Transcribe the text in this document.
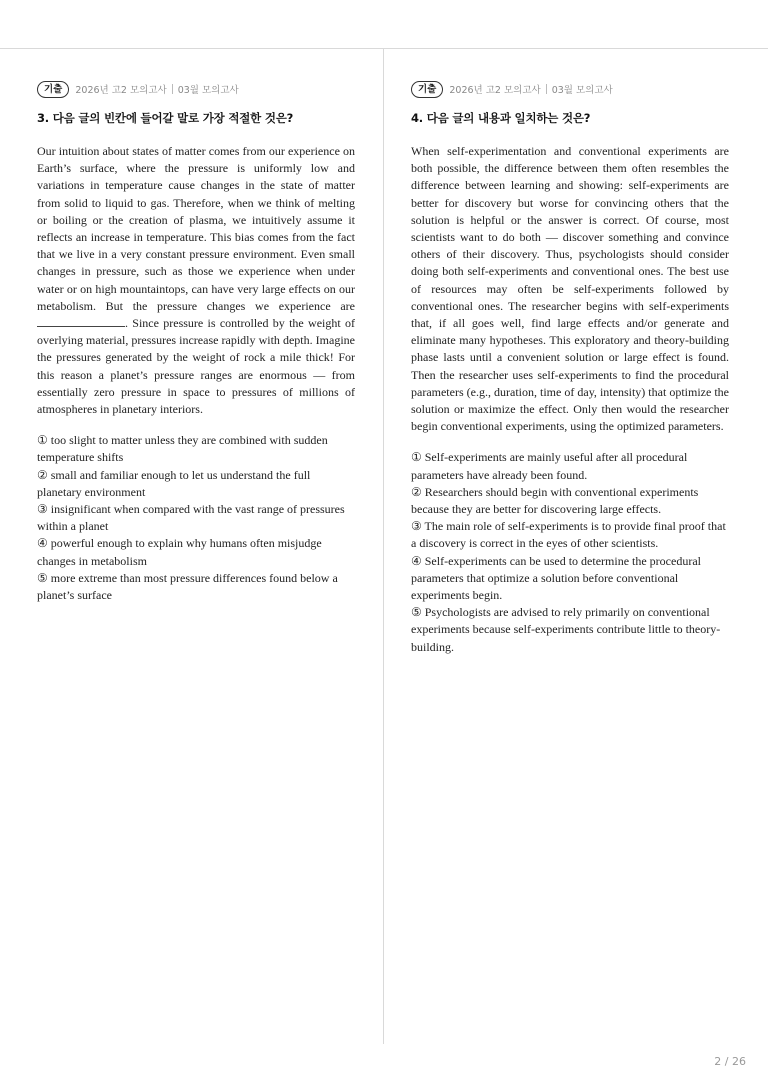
기출	2026년 고2 모의고사 03월 모의고사

3. 다음 글의 빈칸에 들어갈 말로 가장 적절한 것은?

Our intuition about states of matter comes from our experience on Earth’s surface, where the pressure is uniformly low and variations in temperature cause changes in the state of matter from solid to liquid to gas. Therefore, when we think of melting or boiling or the creation of plasma, we intuitively assume it reflects an increase in temperature. This bias comes from the fact that we live in a very constant pressure environment. Even small changes in pressure, such as those we experience when under water or on high mountaintops, can have very large effects on our metabolism. But the pressure changes we experience are . Since pressure is controlled by the weight of overlying material, pressures increase rapidly with depth. Imagine the pressures generated by the weight of rock a mile thick! For this reason a planet’s pressure ranges are enormous — from essentially zero pressure in space to pressures of millions of atmospheres in planetary interiors.

① too slight to matter unless they are combined with sudden temperature shifts

② small and familiar enough to let us understand the full planetary environment

③ insignificant when compared with the vast range of pressures within a planet

④ powerful enough to explain why humans often misjudge changes in metabolism

⑤ more extreme than most pressure differences found below a planet’s surface

기출	2026년 고2 모의고사 03월 모의고사

4. 다음 글의 내용과 일치하는 것은?

When self-experimentation and conventional experiments are both possible, the difference between them often resembles the difference between learning and showing: self-experiments are better for discovery but worse for convincing others that the solution is helpful or the answer is correct. Of course, most scientists want to do both — discover something and convince others of their discovery. Thus, psychologists should consider doing both self-experiments and conventional ones. The best use of resources may often be self-experiments followed by conventional ones. The researcher begins with self-experiments that, if all goes well, find large effects and/or generate and eliminate many hypotheses. This exploratory and theory-building phase lasts until a convenient solution or large effect is found. Then the researcher uses self-experiments to find the procedural parameters (e.g., duration, time of day, intensity) that optimize the solution or maximize the effect. Only then would the researcher begin conventional experiments, using the optimized parameters.

① Self-experiments are mainly useful after all procedural parameters have already been found.

② Researchers should begin with conventional experiments because they are better for discovering large effects.

③ The main role of self-experiments is to provide final proof that a discovery is correct in the eyes of other scientists.

④ Self-experiments can be used to determine the procedural parameters that optimize a solution before conventional experiments begin.

⑤ Psychologists are advised to rely primarily on conventional experiments because self-experiments contribute little to theory-building.

2 / 26
